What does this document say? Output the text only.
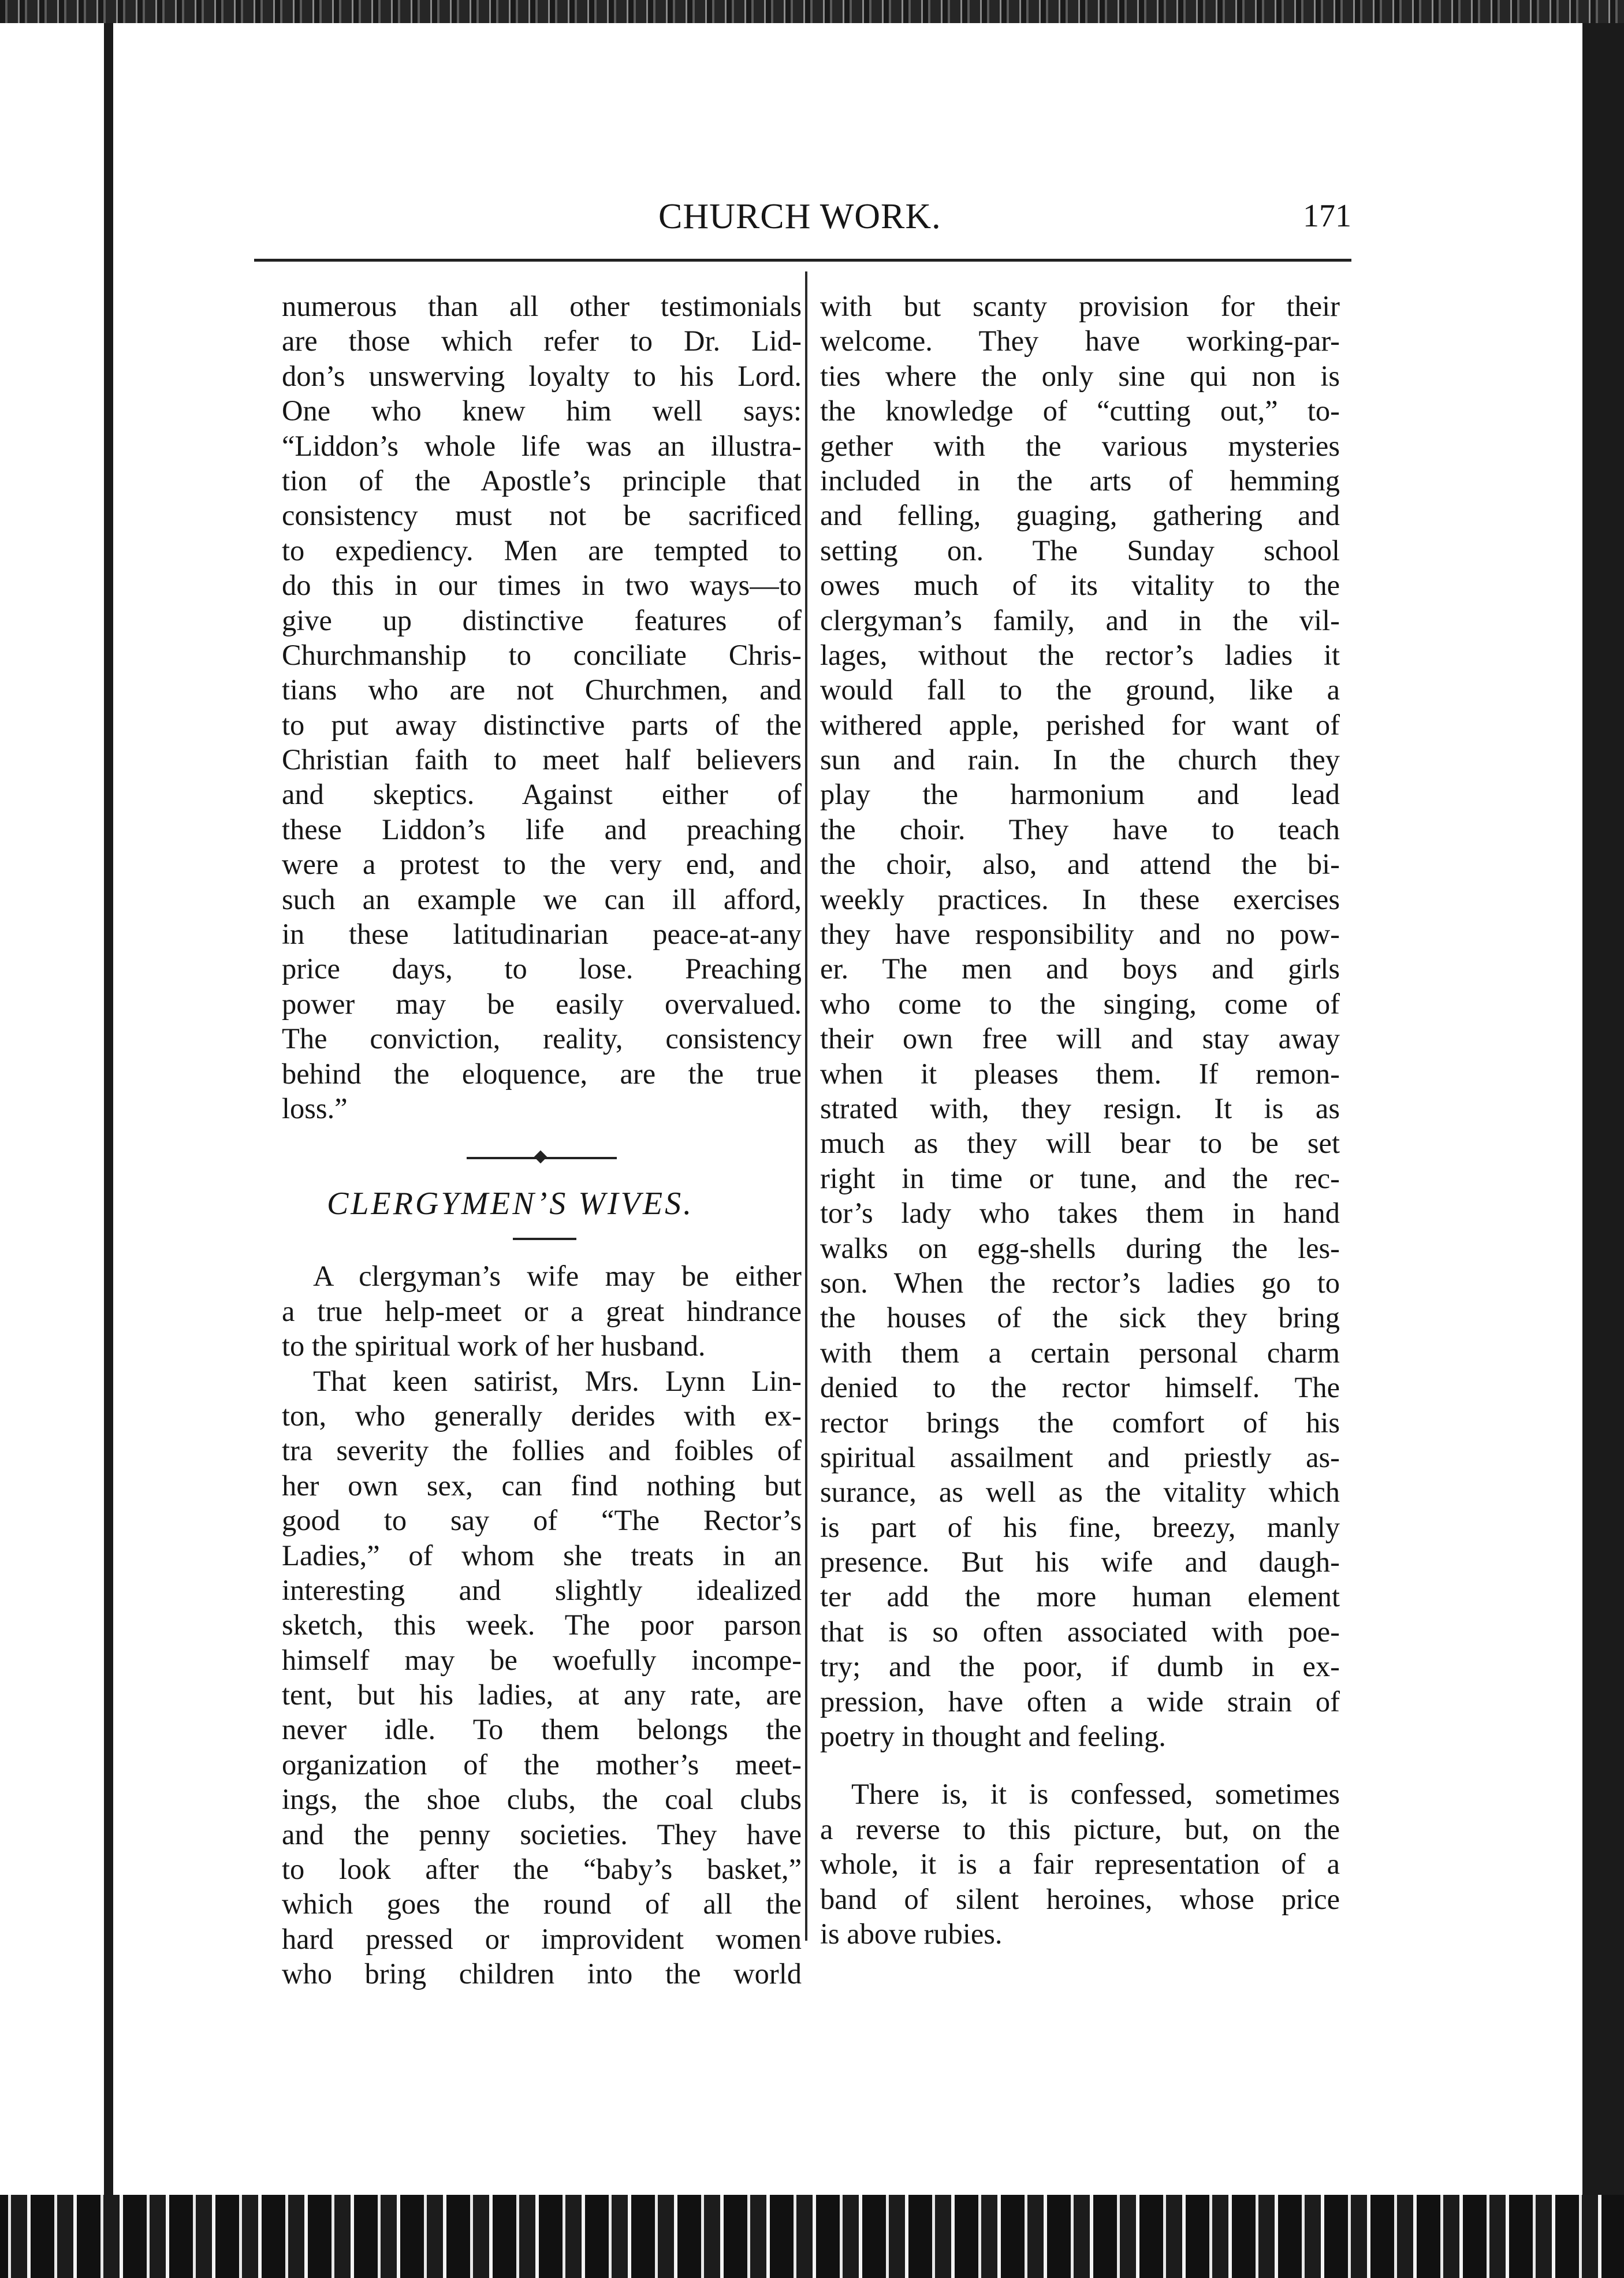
CHURCH WORK.	171
numerous than all other testimonials
are those which refer to Dr. Lid-
don’s unswerving loyalty to his Lord.
One who knew him well says:
“Liddon’s whole life was an illustra-
tion of the Apostle’s principle that
consistency must not be sacrificed
to expediency. Men are tempted to
do this in our times in two ways—to
give up distinctive features of
Churchmanship to conciliate Chris-
tians who are not Churchmen, and
to put away distinctive parts of the
Christian faith to meet half believers
and skeptics. Against either of
these Liddon’s life and preaching
were a protest to the very end, and
such an example we can ill afford,
in these latitudinarian peace-at-any
price days, to lose. Preaching
power may be easily overvalued.
The conviction, reality, consistency
behind the eloquence, are the true
loss.”
CLERGYMEN’S WIVES.
A clergyman’s wife may be either
a true help-meet or a great hindrance
to the spiritual work of her husband.
That keen satirist, Mrs. Lynn Lin-
ton, who generally derides with ex-
tra severity the follies and foibles of
her own sex, can find nothing but
good to say of “The Rector’s
Ladies,” of whom she treats in an
interesting and slightly idealized
sketch, this week. The poor parson
himself may be woefully incompe-
tent, but his ladies, at any rate, are
never idle. To them belongs the
organization of the mother’s meet-
ings, the shoe clubs, the coal clubs
and the penny societies. They have
to look after the “baby’s basket,”
which goes the round of all the
hard pressed or improvident women
who bring children into the world
with but scanty provision for their
welcome. They have working-par-
ties where the only sine qui non is
the knowledge of “cutting out,” to-
gether with the various mysteries
included in the arts of hemming
and felling, guaging, gathering and
setting on. The Sunday school
owes much of its vitality to the
clergyman’s family, and in the vil-
lages, without the rector’s ladies it
would fall to the ground, like a
withered apple, perished for want of
sun and rain. In the church they
play the harmonium and lead
the choir. They have to teach
the choir, also, and attend the bi-
weekly practices. In these exercises
they have responsibility and no pow-
er. The men and boys and girls
who come to the singing, come of
their own free will and stay away
when it pleases them. If remon-
strated with, they resign. It is as
much as they will bear to be set
right in time or tune, and the rec-
tor’s lady who takes them in hand
walks on egg-shells during the les-
son. When the rector’s ladies go to
the houses of the sick they bring
with them a certain personal charm
denied to the rector himself. The
rector brings the comfort of his
spiritual assailment and priestly as-
surance, as well as the vitality which
is part of his fine, breezy, manly
presence. But his wife and daugh-
ter add the more human element
that is so often associated with poe-
try; and the poor, if dumb in ex-
pression, have often a wide strain of
poetry in thought and feeling.
There is, it is confessed, sometimes
a reverse to this picture, but, on the
whole, it is a fair representation of a
band of silent heroines, whose price
is above rubies.
